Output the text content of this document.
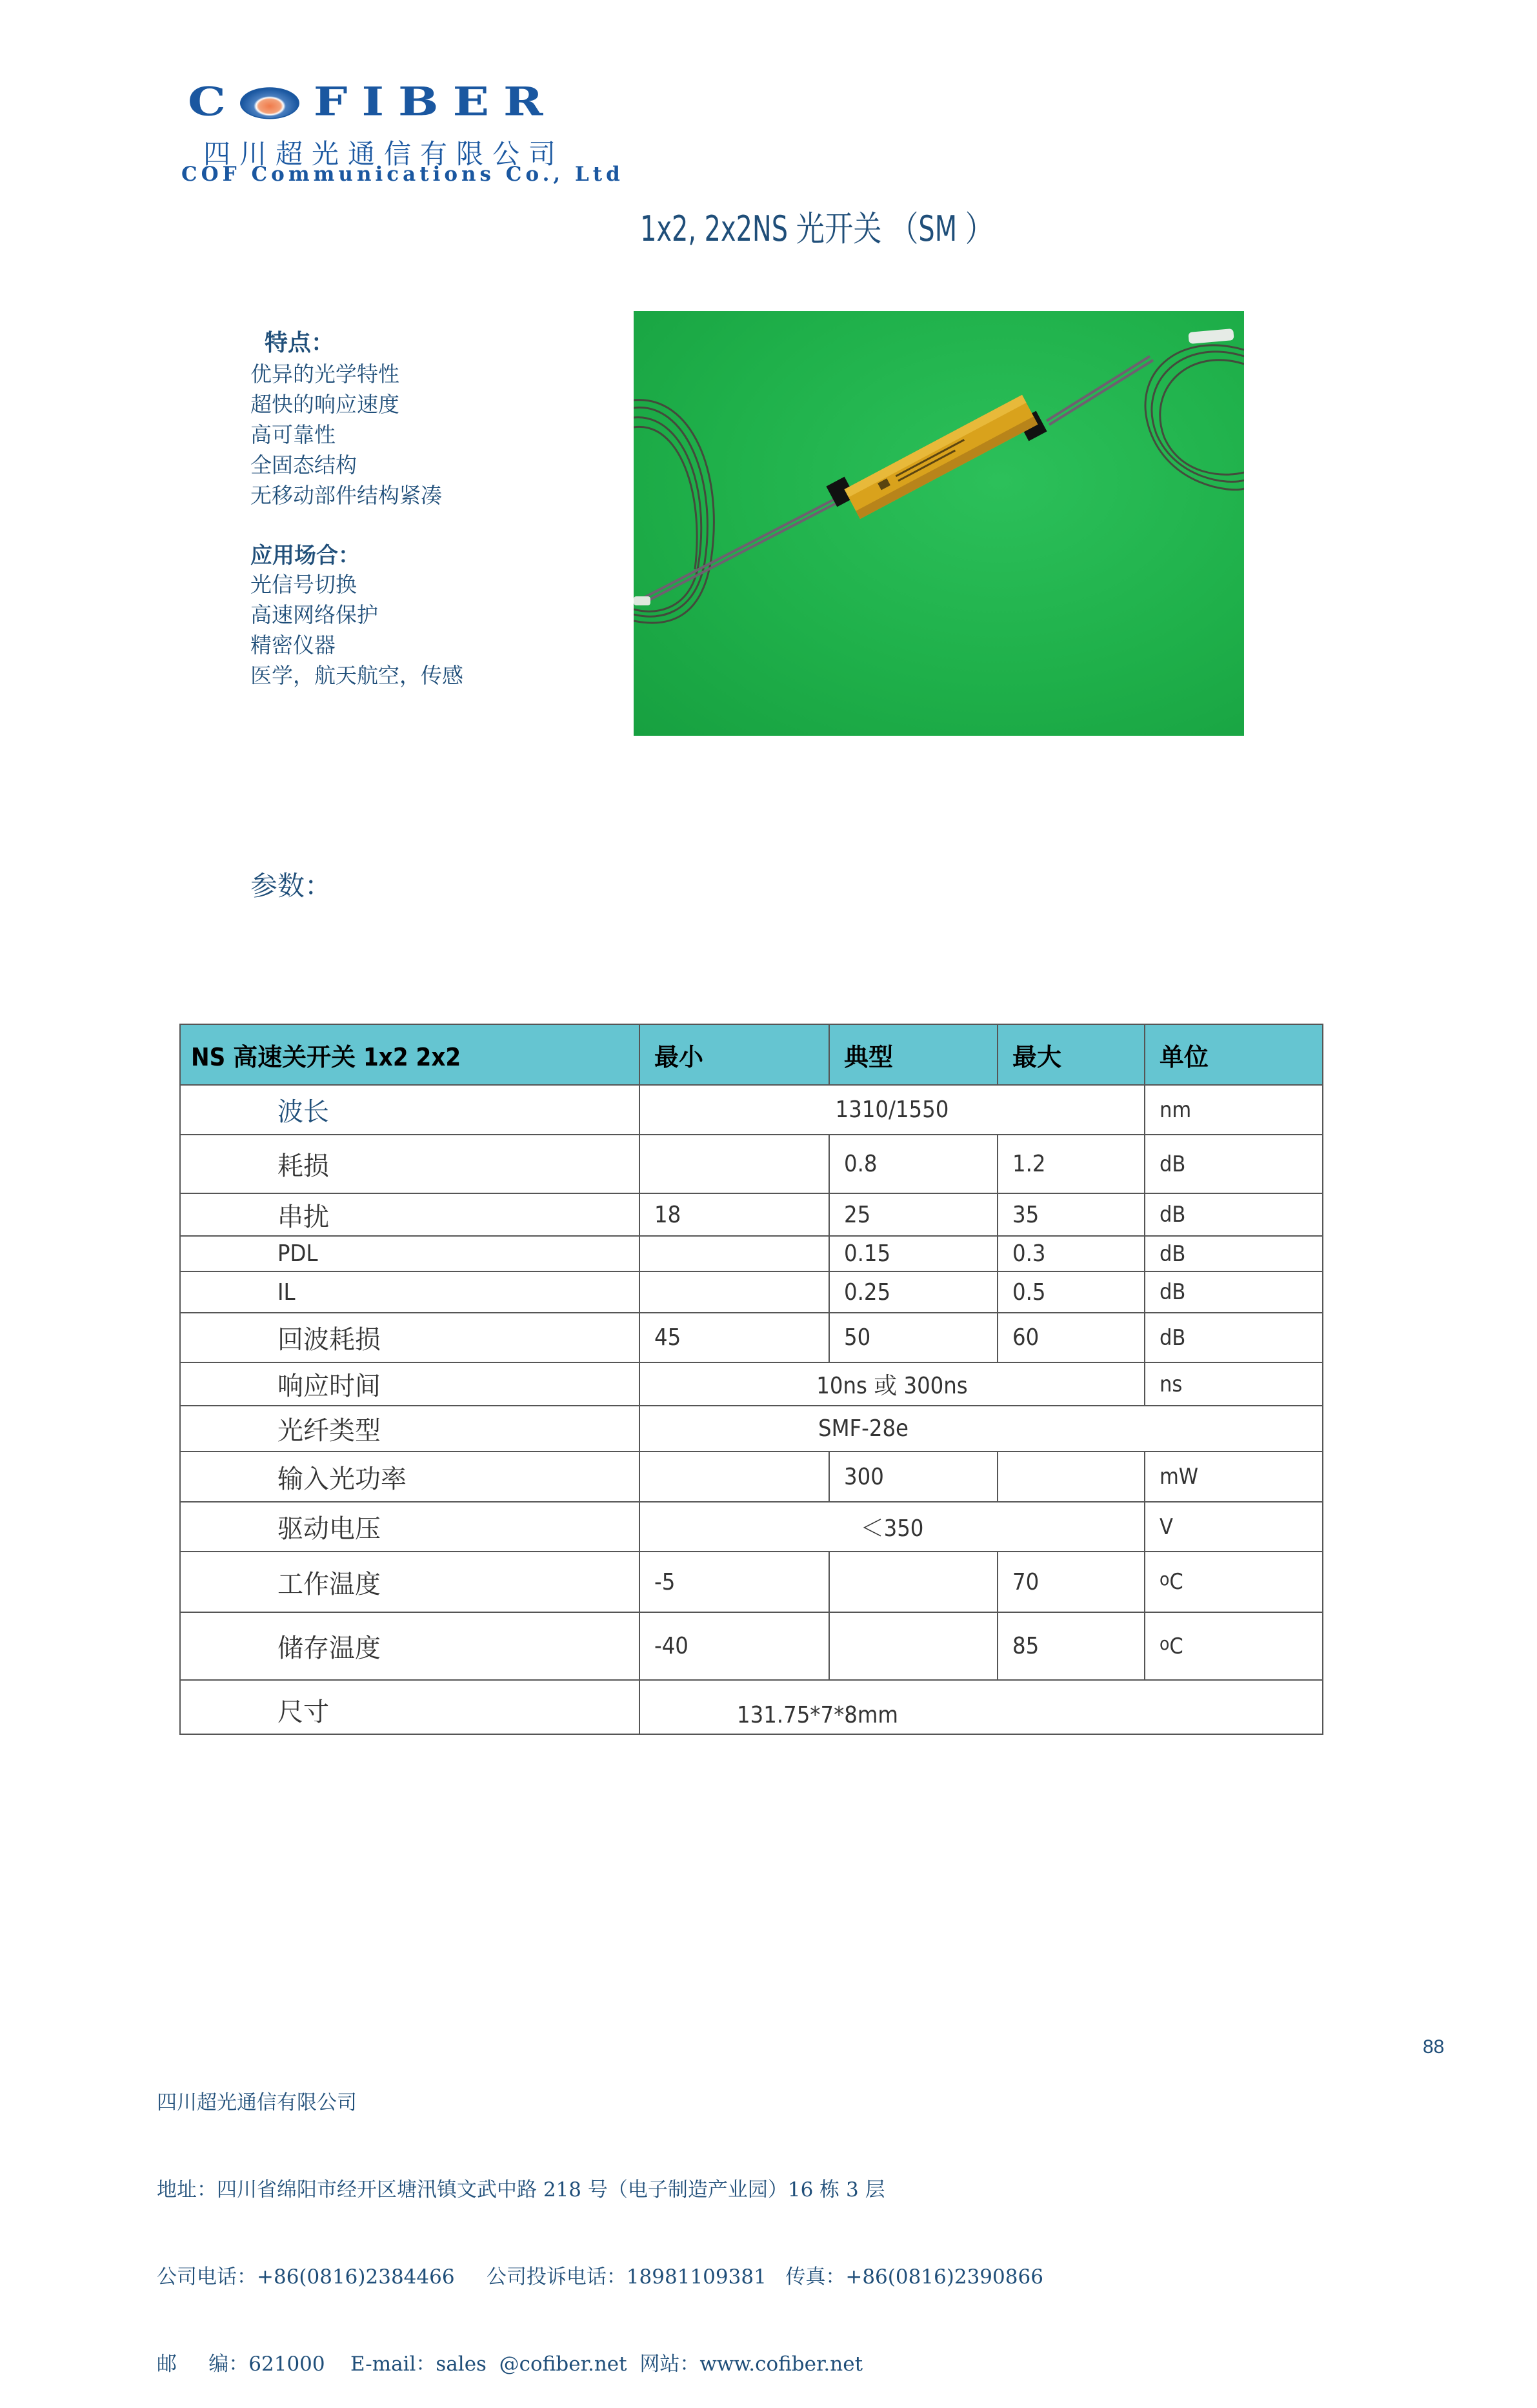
C FIBER
四川超光通信有限公司
COF Communications Co., Ltd
1x2, 2x2NS 光开关 （SM ）
特点：
优异的光学特性
超快的响应速度
高可靠性
全固态结构
无移动部件结构紧凑
应用场合：
光信号切换
高速网络保护
精密仪器
医学，航天航空，传感
参数：
NS 高速关开关 1x2 2x2	最小	典型	最大	单位
波长	1310/1550			nm
耗损		0.8	1.2	dB
串扰	18	25	35	dB
PDL		0.15	0.3	dB
IL		0.25	0.5	dB
回波耗损	45	50	60	dB
响应时间	10ns 或 300ns			ns
光纤类型	SMF-28e			
输入光功率		300		mW
驱动电压	＜350			V
工作温度	-5		70	oC
储存温度	-40		85	oC
尺寸	131.75*7*8mm			

四川超光通信有限公司

地址：四川省绵阳市经开区塘汛镇文武中路 218 号（电子制造产业园）16 栋 3 层

公司电话：+86(0816)2384466     公司投诉电话：18981109381   传真：+86(0816)2390866

邮     编：621000    E-mail：sales  @cofiber.net  网站：www.cofiber.net

88
